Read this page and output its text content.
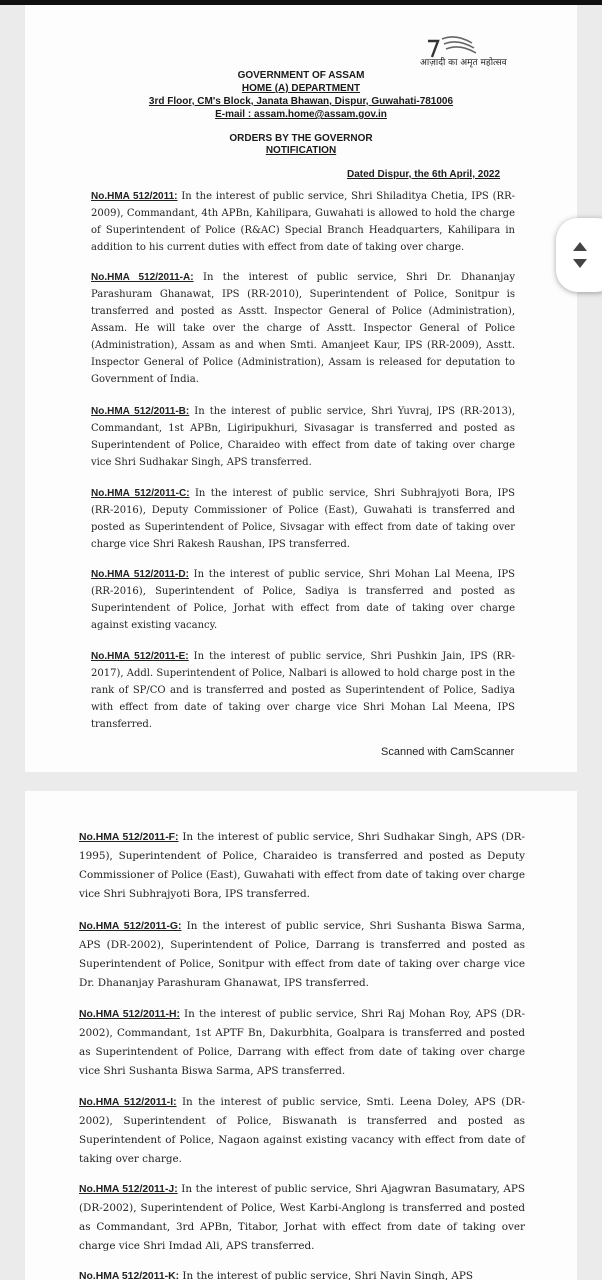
आज़ादी का अमृत महोत्सव
GOVERNMENT OF ASSAM
HOME (A) DEPARTMENT
3rd Floor, CM's Block, Janata Bhawan, Dispur, Guwahati-781006
E-mail : assam.home@assam.gov.in
ORDERS BY THE GOVERNOR
NOTIFICATION
Dated Dispur, the 6th April, 2022
No.HMA 512/2011: In the interest of public service, Shri Shiladitya Chetia, IPS (RR-2009), Commandant, 4th APBn, Kahilipara, Guwahati is allowed to hold the charge of Superintendent of Police (R&AC) Special Branch Headquarters, Kahilipara in addition to his current duties with effect from date of taking over charge.
No.HMA 512/2011-A: In the interest of public service, Shri Dr. Dhananjay Parashuram Ghanawat, IPS (RR-2010), Superintendent of Police, Sonitpur is transferred and posted as Asstt. Inspector General of Police (Administration), Assam. He will take over the charge of Asstt. Inspector General of Police (Administration), Assam as and when Smti. Amanjeet Kaur, IPS (RR-2009), Asstt. Inspector General of Police (Administration), Assam is released for deputation to Government of India.
No.HMA 512/2011-B: In the interest of public service, Shri Yuvraj, IPS (RR-2013), Commandant, 1st APBn, Ligiripukhuri, Sivasagar is transferred and posted as Superintendent of Police, Charaideo with effect from date of taking over charge vice Shri Sudhakar Singh, APS transferred.
No.HMA 512/2011-C: In the interest of public service, Shri Subhrajyoti Bora, IPS (RR-2016), Deputy Commissioner of Police (East), Guwahati is transferred and posted as Superintendent of Police, Sivsagar with effect from date of taking over charge vice Shri Rakesh Raushan, IPS transferred.
No.HMA 512/2011-D: In the interest of public service, Shri Mohan Lal Meena, IPS (RR-2016), Superintendent of Police, Sadiya is transferred and posted as Superintendent of Police, Jorhat with effect from date of taking over charge against existing vacancy.
No.HMA 512/2011-E: In the interest of public service, Shri Pushkin Jain, IPS (RR-2017), Addl. Superintendent of Police, Nalbari is allowed to hold charge post in the rank of SP/CO and is transferred and posted as Superintendent of Police, Sadiya with effect from date of taking over charge vice Shri Mohan Lal Meena, IPS transferred.
Scanned with CamScanner
No.HMA 512/2011-F: In the interest of public service, Shri Sudhakar Singh, APS (DR-1995), Superintendent of Police, Charaideo is transferred and posted as Deputy Commissioner of Police (East), Guwahati with effect from date of taking over charge vice Shri Subhrajyoti Bora, IPS transferred.
No.HMA 512/2011-G: In the interest of public service, Shri Sushanta Biswa Sarma, APS (DR-2002), Superintendent of Police, Darrang is transferred and posted as Superintendent of Police, Sonitpur with effect from date of taking over charge vice Dr. Dhananjay Parashuram Ghanawat, IPS transferred.
No.HMA 512/2011-H: In the interest of public service, Shri Raj Mohan Roy, APS (DR-2002), Commandant, 1st APTF Bn, Dakurbhita, Goalpara is transferred and posted as Superintendent of Police, Darrang with effect from date of taking over charge vice Shri Sushanta Biswa Sarma, APS transferred.
No.HMA 512/2011-I: In the interest of public service, Smti. Leena Doley, APS (DR-2002), Superintendent of Police, Biswanath is transferred and posted as Superintendent of Police, Nagaon against existing vacancy with effect from date of taking over charge.
No.HMA 512/2011-J: In the interest of public service, Shri Ajagwran Basumatary, APS (DR-2002), Superintendent of Police, West Karbi-Anglong is transferred and posted as Commandant, 3rd APBn, Titabor, Jorhat with effect from date of taking over charge vice Shri Imdad Ali, APS transferred.
No.HMA 512/2011-K: In the interest of public service, Shri Navin Singh, APS
